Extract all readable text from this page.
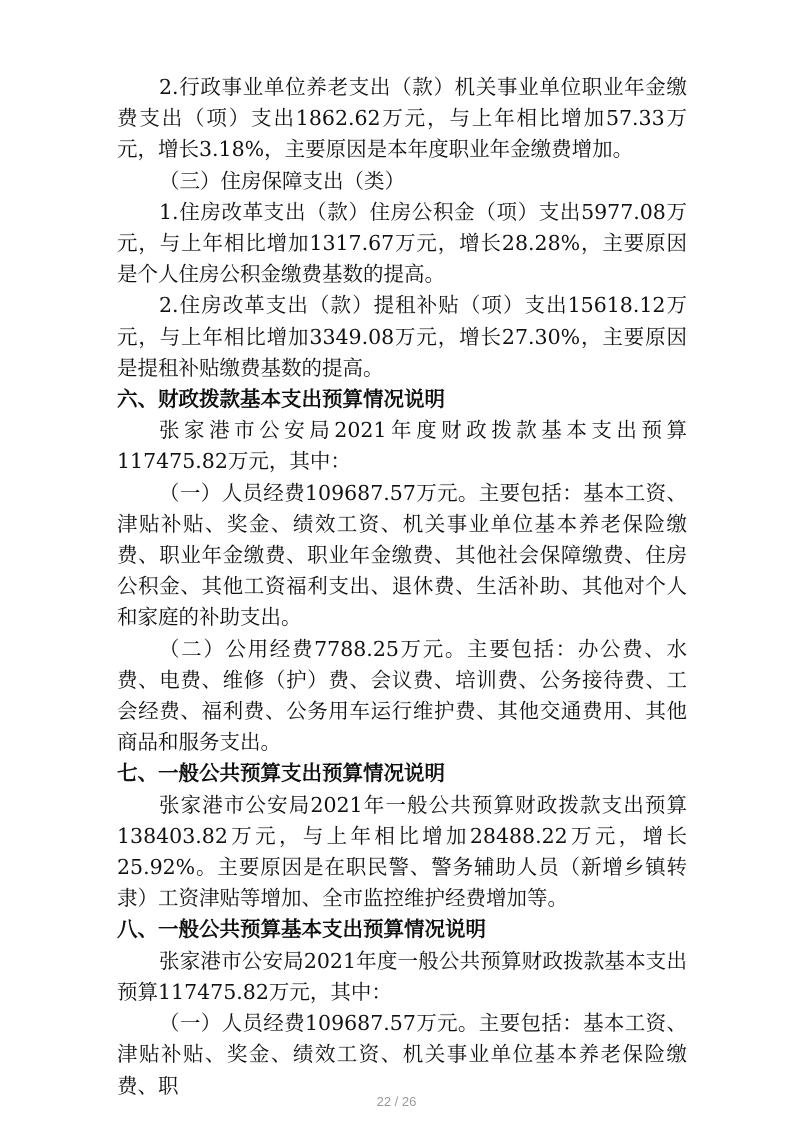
2.行政事业单位养老支出（款）机关事业单位职业年金缴费支出（项）支出1862.62万元，与上年相比增加57.33万元，增长3.18%，主要原因是本年度职业年金缴费增加。

（三）住房保障支出（类）

1.住房改革支出（款）住房公积金（项）支出5977.08万元，与上年相比增加1317.67万元，增长28.28%，主要原因是个人住房公积金缴费基数的提高。

2.住房改革支出（款）提租补贴（项）支出15618.12万元，与上年相比增加3349.08万元，增长27.30%，主要原因是提租补贴缴费基数的提高。

六、财政拨款基本支出预算情况说明

张家港市公安局2021年度财政拨款基本支出预算117475.82万元，其中：

（一）人员经费109687.57万元。主要包括：基本工资、津贴补贴、奖金、绩效工资、机关事业单位基本养老保险缴费、职业年金缴费、职业年金缴费、其他社会保障缴费、住房公积金、其他工资福利支出、退休费、生活补助、其他对个人和家庭的补助支出。

（二）公用经费7788.25万元。主要包括：办公费、水费、电费、维修（护）费、会议费、培训费、公务接待费、工会经费、福利费、公务用车运行维护费、其他交通费用、其他商品和服务支出。

七、一般公共预算支出预算情况说明

张家港市公安局2021年一般公共预算财政拨款支出预算138403.82万元，与上年相比增加28488.22万元，增长25.92%。主要原因是在职民警、警务辅助人员（新增乡镇转隶）工资津贴等增加、全市监控维护经费增加等。

八、一般公共预算基本支出预算情况说明

张家港市公安局2021年度一般公共预算财政拨款基本支出预算117475.82万元，其中：

（一）人员经费109687.57万元。主要包括：基本工资、津贴补贴、奖金、绩效工资、机关事业单位基本养老保险缴费、职

22 / 26
